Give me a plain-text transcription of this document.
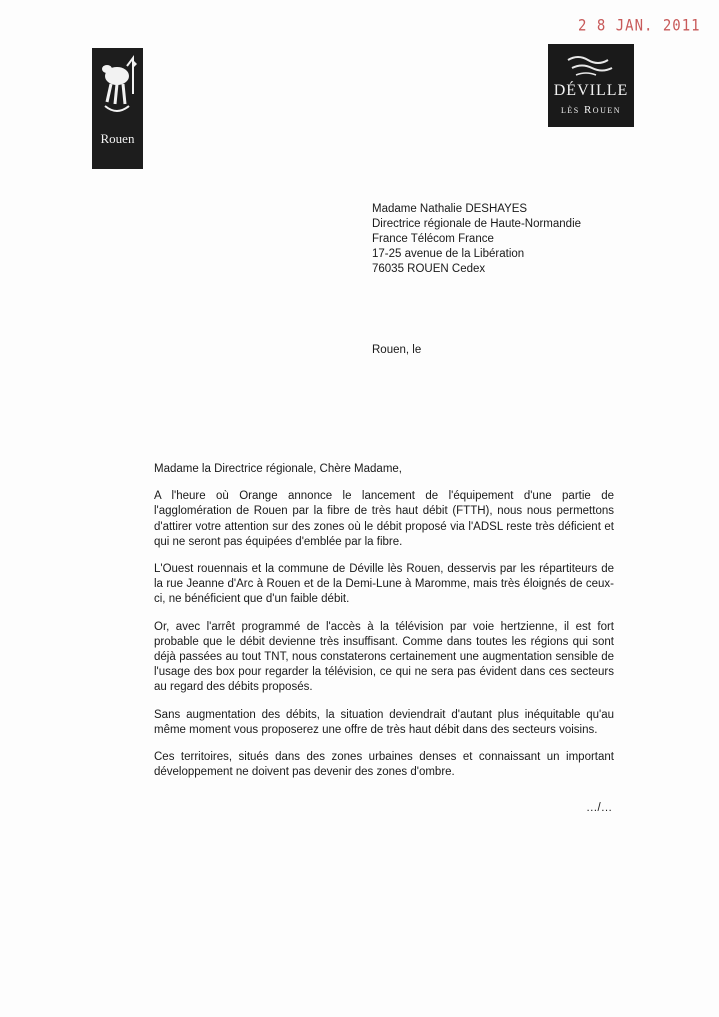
2 8 JAN. 2011
Rouen
DÉVILLE
lès Rouen
Madame Nathalie DESHAYES
Directrice régionale de Haute-Normandie
France Télécom France
17-25 avenue de la Libération
76035 ROUEN Cedex
Rouen, le
Madame la Directrice régionale, Chère Madame,

A l'heure où Orange annonce le lancement de l'équipement d'une partie de l'agglomération de Rouen par la fibre de très haut débit (FTTH), nous nous permettons d'attirer votre attention sur des zones où le débit proposé via l'ADSL reste très déficient et qui ne seront pas équipées d'emblée par la fibre.

L'Ouest rouennais et la commune de Déville lès Rouen, desservis par les répartiteurs de la rue Jeanne d'Arc à Rouen et de la Demi-Lune à Maromme, mais très éloignés de ceux-ci, ne bénéficient que d'un faible débit.

Or, avec l'arrêt programmé de l'accès à la télévision par voie hertzienne, il est fort probable que le débit devienne très insuffisant. Comme dans toutes les régions qui sont déjà passées au tout TNT, nous constaterons certainement une augmentation sensible de l'usage des box pour regarder la télévision, ce qui ne sera pas évident dans ces secteurs au regard des débits proposés.

Sans augmentation des débits, la situation deviendrait d'autant plus inéquitable qu'au même moment vous proposerez une offre de très haut débit dans des secteurs voisins.

Ces territoires, situés dans des zones urbaines denses et connaissant un important développement ne doivent pas devenir des zones d'ombre.

…/…
